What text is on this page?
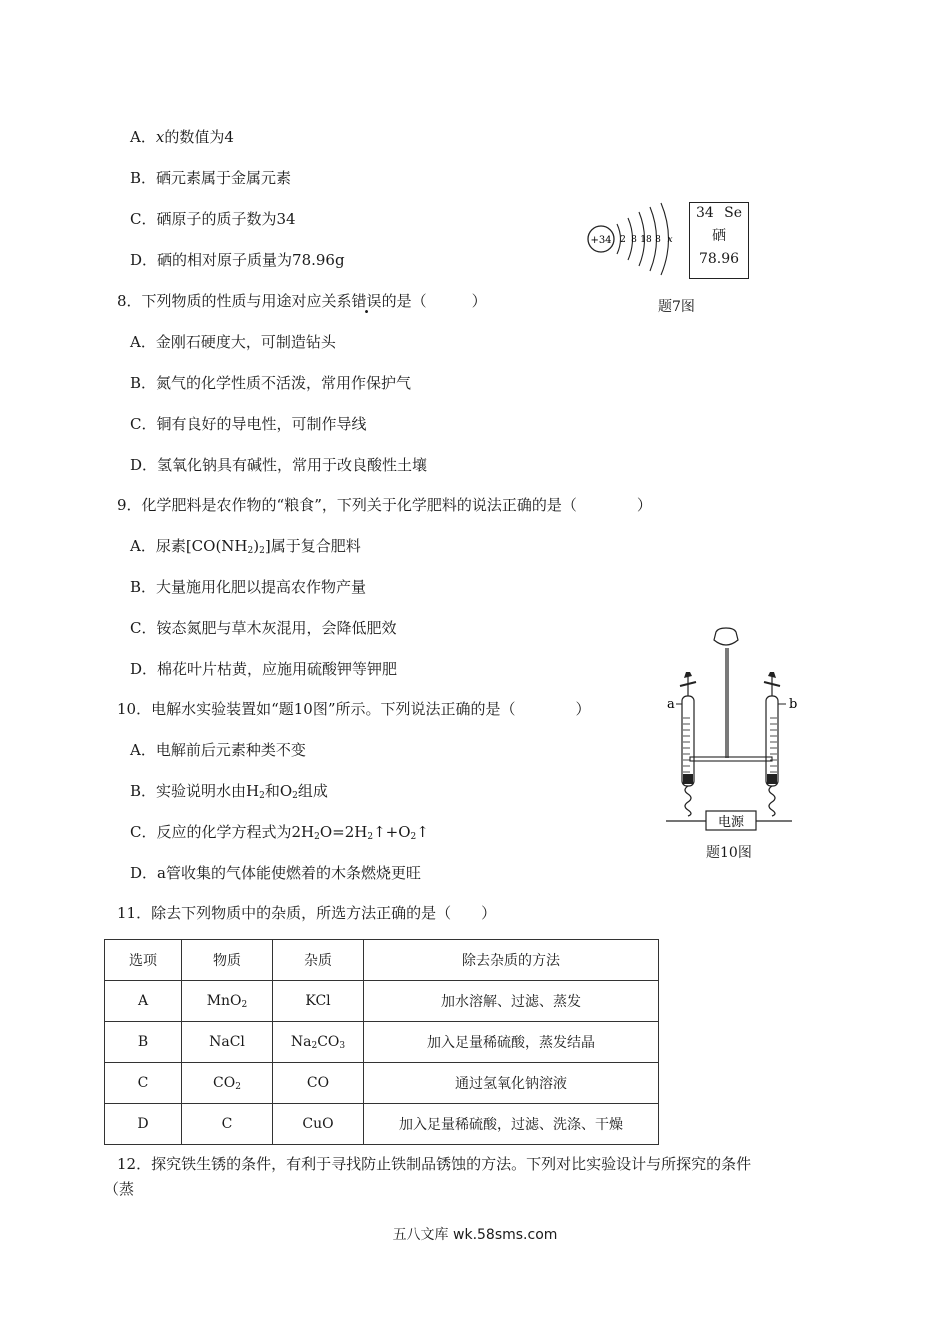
A．x的数值为4
B．硒元素属于金属元素
C．硒原子的质子数为34
D．硒的相对原子质量为78.96g
+34 2 8 18 8 x
34 Se
硒
78.96
题7图
8．下列物质的性质与用途对应关系错误的是（　　　）
A．金刚石硬度大，可制造钻头
B．氮气的化学性质不活泼，常用作保护气
C．铜有良好的导电性，可制作导线
D．氢氧化钠具有碱性，常用于改良酸性土壤
9．化学肥料是农作物的“粮食”，下列关于化学肥料的说法正确的是（　　　　）
A．尿素$[CO(NH_2)_2]$属于复合肥料
B．大量施用化肥以提高农作物产量
C．铵态氮肥与草木灰混用，会降低肥效
D．棉花叶片枯黄，应施用硫酸钾等钾肥
10．电解水实验装置如“题10图”所示。下列说法正确的是（　　　　）
A．电解前后元素种类不变
B．实验说明水由$H_2$和$O_2$组成
C．反应的化学方程式为$2H_2O=2H_2↑+O_2↑$
D．a管收集的气体能使燃着的木条燃烧更旺
a	b
电源
题10图
11．除去下列物质中的杂质，所选方法正确的是（　　）
选项	物质	杂质	除去杂质的方法
A	MnO$_2$	KCl	加水溶解、过滤、蒸发
B	NaCl	$Na_2CO_3$	加入足量稀硫酸，蒸发结晶
C	$CO_2$	CO	通过氢氧化钠溶液
D	C	CuO	加入足量稀硫酸，过滤、洗涤、干燥
12．探究铁生锈的条件，有利于寻找防止铁制品锈蚀的方法。下列对比实验设计与所探究的条件
（蒸
五八文库 wk.58sms.com
